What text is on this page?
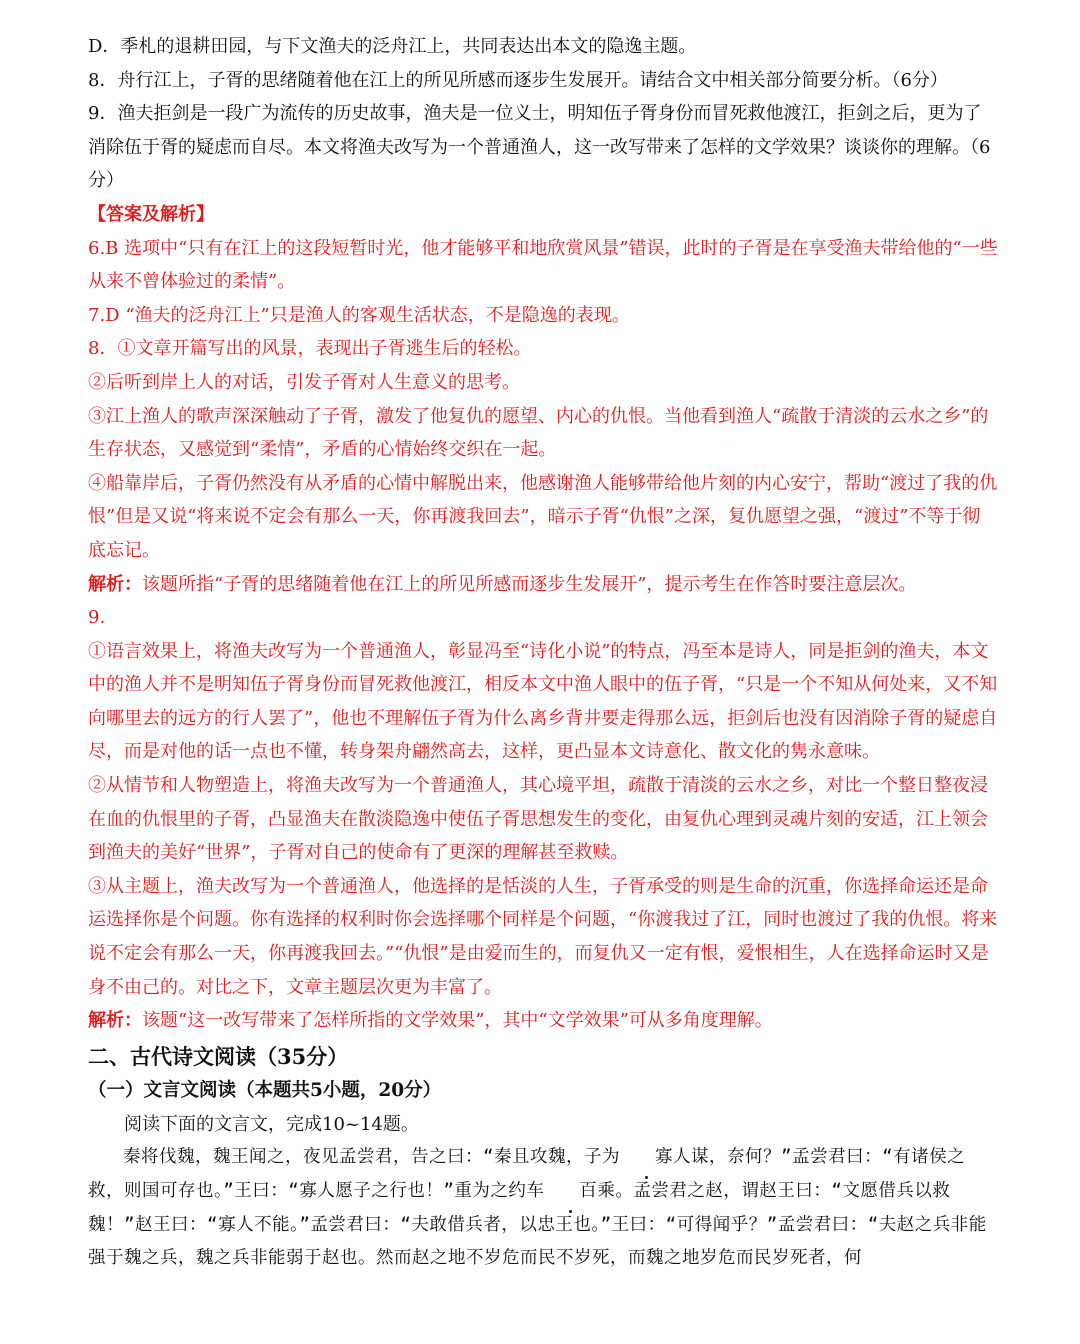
D．季札的退耕田园，与下文渔夫的泛舟江上，共同表达出本文的隐逸主题。

8．舟行江上，子胥的思绪随着他在江上的所见所感而逐步生发展开。请结合文中相关部分简要分析。（6分）

9．渔夫拒剑是一段广为流传的历史故事，渔夫是一位义士，明知伍子胥身份而冒死救他渡江，拒剑之后，更为了消除伍于胥的疑虑而自尽。本文将渔夫改写为一个普通渔人，这一改写带来了怎样的文学效果？谈谈你的理解。（6分）

【答案及解析】

6.B 选项中“只有在江上的这段短暂时光，他才能够平和地欣赏风景”错误，此时的子胥是在享受渔夫带给他的“一些从来不曾体验过的柔情”。

7.D “渔夫的泛舟江上”只是渔人的客观生活状态，不是隐逸的表现。

8．①文章开篇写出的风景，表现出子胥逃生后的轻松。

②后听到岸上人的对话，引发子胥对人生意义的思考。

③江上渔人的歌声深深触动了子胥，激发了他复仇的愿望、内心的仇恨。当他看到渔人“疏散于清淡的云水之乡”的生存状态，又感觉到“柔情”，矛盾的心情始终交织在一起。

④船靠岸后，子胥仍然没有从矛盾的心情中解脱出来，他感谢渔人能够带给他片刻的内心安宁，帮助“渡过了我的仇恨”但是又说“将来说不定会有那么一天，你再渡我回去”，暗示子胥“仇恨”之深，复仇愿望之强，“渡过”不等于彻底忘记。

解析：该题所指“子胥的思绪随着他在江上的所见所感而逐步生发展开”，提示考生在作答时要注意层次。

9.

①语言效果上，将渔夫改写为一个普通渔人，彰显冯至“诗化小说”的特点，冯至本是诗人，同是拒剑的渔夫，本文中的渔人并不是明知伍子胥身份而冒死救他渡江，相反本文中渔人眼中的伍子胥，“只是一个不知从何处来，又不知向哪里去的远方的行人罢了”，他也不理解伍子胥为什么离乡背井要走得那么远，拒剑后也没有因消除子胥的疑虑自尽，而是对他的话一点也不懂，转身架舟翩然高去，这样，更凸显本文诗意化、散文化的隽永意味。

②从情节和人物塑造上，将渔夫改写为一个普通渔人，其心境平坦，疏散于清淡的云水之乡，对比一个整日整夜浸在血的仇恨里的子胥，凸显渔夫在散淡隐逸中使伍子胥思想发生的变化，由复仇心理到灵魂片刻的安适，江上领会到渔夫的美好“世界”，子胥对自己的使命有了更深的理解甚至救赎。

③从主题上，渔夫改写为一个普通渔人，他选择的是恬淡的人生，子胥承受的则是生命的沉重，你选择命运还是命运选择你是个问题。你有选择的权利时你会选择哪个同样是个问题，“你渡我过了江，同时也渡过了我的仇恨。将来说不定会有那么一天，你再渡我回去。”“仇恨”是由爱而生的，而复仇又一定有恨，爱恨相生，人在选择命运时又是身不由己的。对比之下，文章主题层次更为丰富了。

解析：该题“这一改写带来了怎样所指的文学效果”，其中“文学效果”可从多角度理解。

二、古代诗文阅读（35分）

（一）文言文阅读（本题共5小题，20分）

阅读下面的文言文，完成10~14题。

秦将伐魏，魏王闻之，夜见孟尝君，告之曰：“秦且攻魏，子为 寡人谋，奈何？”孟尝君曰：“有诸侯之救，则国可存也。”王曰：“寡人愿子之行也！”重为之约车 百乘。孟尝君之赵，谓赵王曰：“文愿借兵以救魏！”赵王曰：“寡人不能。”孟尝君曰：“夫敢借兵者，以忠王也。”王曰：“可得闻乎？”孟尝君曰：“夫赵之兵非能强于魏之兵，魏之兵非能弱于赵也。然而赵之地不岁危而民不岁死，而魏之地岁危而民岁死者，何
